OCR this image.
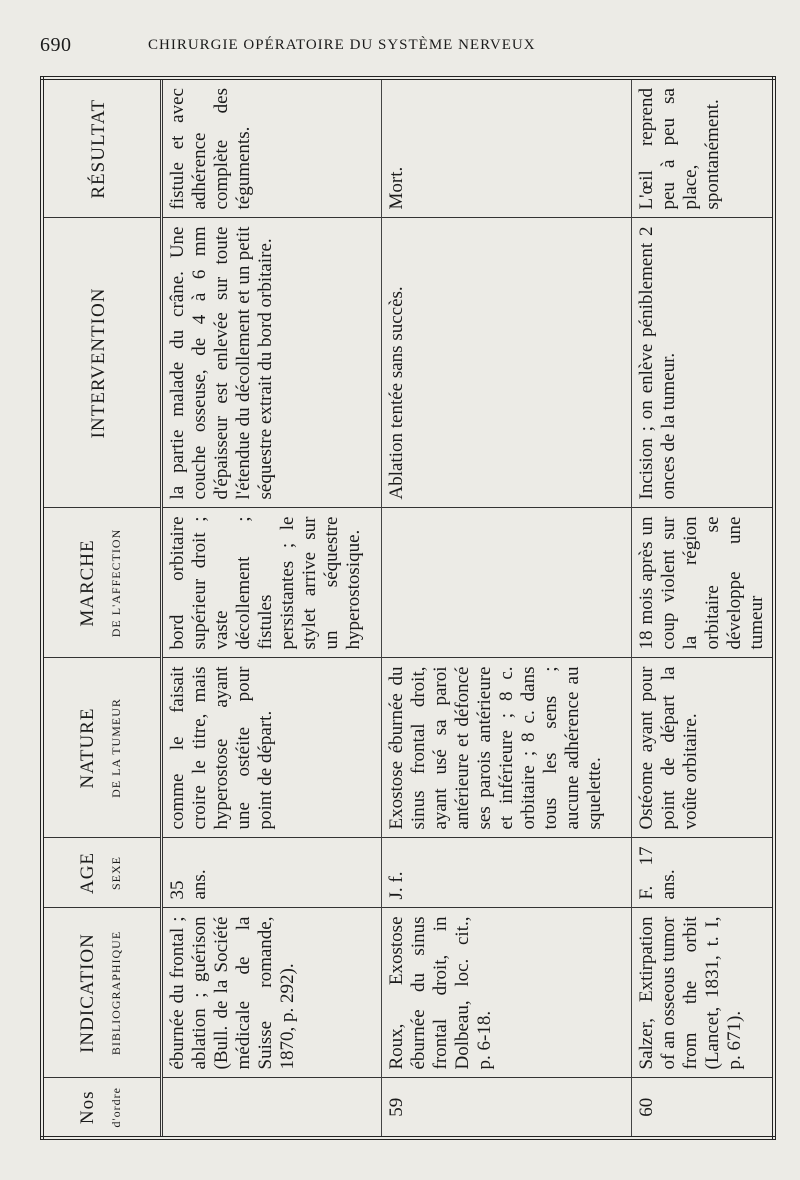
690	CHIRURGIE OPÉRATOIRE DU SYSTÈME NERVEUX
Nos d'ordre	INDICATION BIBLIOGRAPHIQUE	AGE SEXE	NATURE DE LA TUMEUR	MARCHE DE L'AFFECTION	INTERVENTION	RÉSULTAT

	éburnée du frontal ; ablation ; guérison (Bull. de la Société médicale de la Suisse romande, 1870, p. 292).	35 ans.	comme le faisait croire le titre, mais hyperostose ayant une ostéite pour point de départ.	bord orbitaire supérieur droit ; vaste décollement ; fistules persistantes ; le stylet arrive sur un séquestre hyperostosique.	la partie malade du crâne. Une couche osseuse, de 4 à 6 mm d'épaisseur est enlevée sur toute l'étendue du décollement et un petit séquestre extrait du bord orbitaire.	fistule et avec adhérence complète des téguments.
59	Roux, Exostose éburnée du sinus frontal droit, in Dolbeau, loc. cit., p. 6-18.	J. f.	Exostose éburnée du sinus frontal droit, ayant usé sa paroi antérieure et défoncé ses parois antérieure et inférieure ; 8 c. orbitaire ; 8 c. dans tous les sens ; aucune adhérence au squelette.		Ablation tentée sans succès.	Mort.
60	Salzer, Extirpation of an osseous tumor from the orbit (Lancet, 1831, t. I, p. 671).	F. 17 ans.	Ostéome ayant pour point de départ la voûte orbitaire.	18 mois après un coup violent sur la région orbitaire se développe une tumeur	Incision ; on enlève péniblement 2 onces de la tumeur.	L'œil reprend peu à peu sa place, spontanément.
